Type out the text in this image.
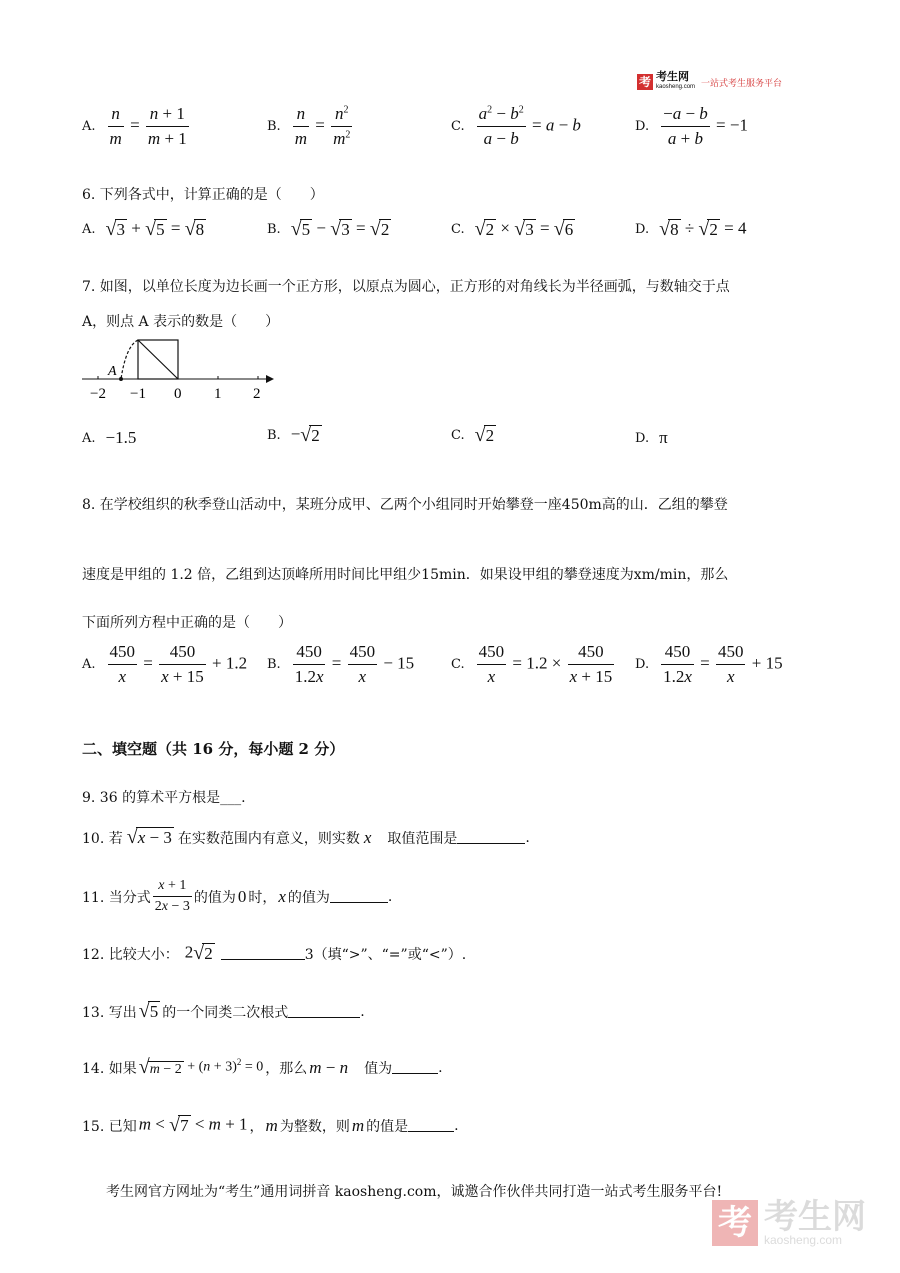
考 考生网
kaosheng.com 一站式考生服务平台
A. $\frac{n}{m} = \frac{n + 1}{m + 1}$	B. $\frac{n}{m} = \frac{n^2}{m^2}$	C. $\frac{a^2 - b^2}{a - b} = a - b$	D. $\frac{-a - b}{a + b} = -1$
6. 下列各式中，计算正确的是（　　）
A. √3 + √5 = √8	B. √5 − √3 = √2	C. √2 × √3 = √6	D. √8 ÷ √2 = 4
7. 如图，以单位长度为边长画一个正方形，以原点为圆心，正方形的对角线长为半径画弧，与数轴交于点
A，则点 A 表示的数是（　　）
A
−2 −1 0 1 2
A. −1.5	B. −√2	C. √2	D. π
8. 在学校组织的秋季登山活动中，某班分成甲、乙两个小组同时开始攀登一座450m高的山．乙组的攀登
速度是甲组的 1.2 倍，乙组到达顶峰所用时间比甲组少15min．如果设甲组的攀登速度为xm/min，那么
下面所列方程中正确的是（　　）
A. $\frac{450}{x} = \frac{450}{x + 15} + 1.2$ B. $\frac{450}{1.2x} = \frac{450}{x} - 15$	C. $\frac{450}{x} = 1.2 \times \frac{450}{x + 15} D$. $\frac{450}{1.2x} = \frac{450}{x} + 15$
二、填空题（共 16 分，每小题 2 分）
9. 36 的算术平方根是___.
10. 若 √x − 3 在实数范围内有意义，则实数 x 取值范围是	.
11. 当分式 $\frac{x + 1}{2x - 3}$ 的值为 0 时， x 的值为	.
12. 比较大小： 2√2	3（填“>”、“=”或“<”）.
13. 写出 √5 的一个同类二次根式	.
14. 如果 $√m - 2 + (n + 3)^2 = 0$ ，那么 m − n 值为	.
15. 已知 m < √7 < m + 1 ， m 为整数，则 m 的值是	.
考生网官方网址为“考生”通用词拼音 kaosheng.com，诚邀合作伙伴共同打造一站式考生服务平台!
考 考生网
kaosheng.com
